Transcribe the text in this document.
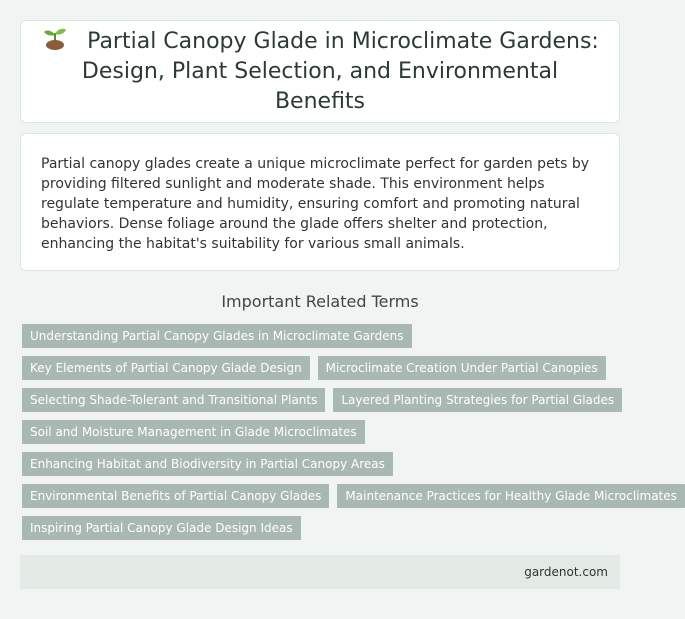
Partial Canopy Glade in Microclimate Gardens: Design, Plant Selection, and Environmental Benefits

Partial canopy glades create a unique microclimate perfect for garden pets by providing filtered sunlight and moderate shade. This environment helps regulate temperature and humidity, ensuring comfort and promoting natural behaviors. Dense foliage around the glade offers shelter and protection, enhancing the habitat's suitability for various small animals.

Important Related Terms
Understanding Partial Canopy Glades in Microclimate Gardens
Key Elements of Partial Canopy Glade Design	Microclimate Creation Under Partial Canopies
Selecting Shade-Tolerant and Transitional Plants	Layered Planting Strategies for Partial Glades
Soil and Moisture Management in Glade Microclimates
Enhancing Habitat and Biodiversity in Partial Canopy Areas
Environmental Benefits of Partial Canopy Glades	Maintenance Practices for Healthy Glade Microclimates
Inspiring Partial Canopy Glade Design Ideas
gardenot.com
